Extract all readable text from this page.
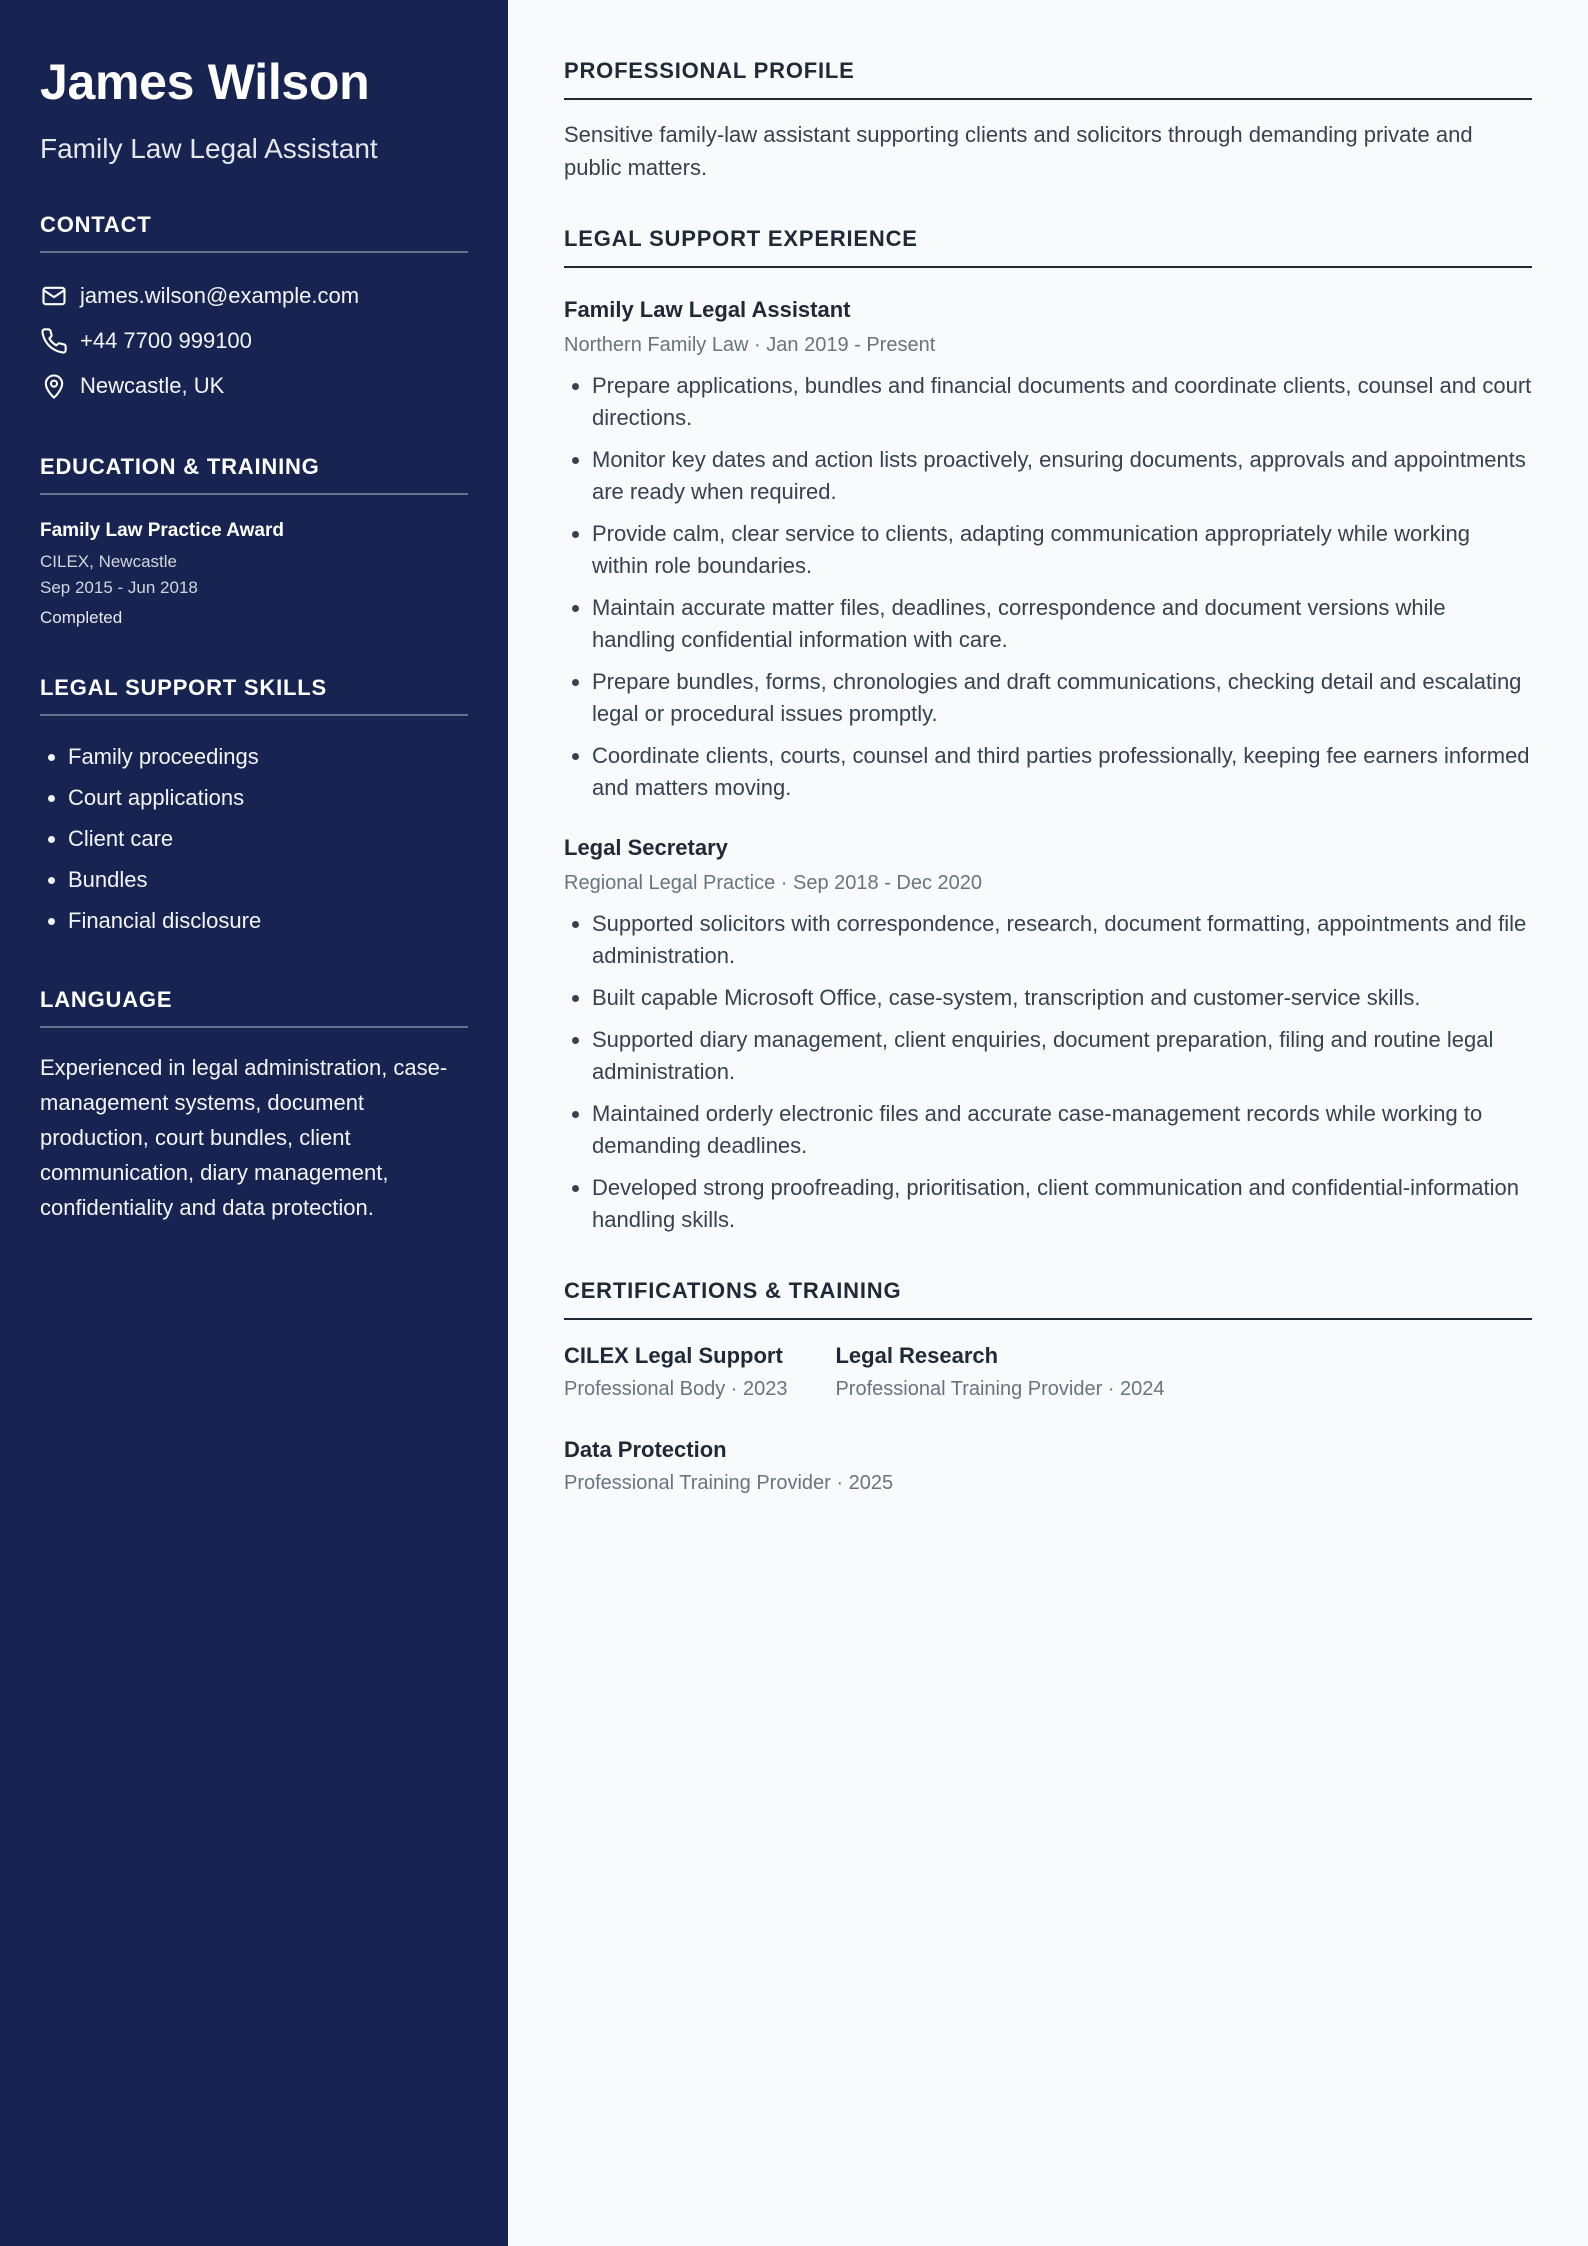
James Wilson

Family Law Legal Assistant

CONTACT
james.wilson@example.com
+44 7700 999100
Newcastle, UK
EDUCATION & TRAINING

Family Law Practice Award

CILEX, Newcastle

Sep 2015 - Jun 2018

Completed

LEGAL SUPPORT SKILLS
• Family proceedings
• Court applications
• Client care
• Bundles
• Financial disclosure
LANGUAGE

Experienced in legal administration, case-management systems, document production, court bundles, client communication, diary management, confidentiality and data protection.

PROFESSIONAL PROFILE

Sensitive family-law assistant supporting clients and solicitors through demanding private and public matters.

LEGAL SUPPORT EXPERIENCE

Family Law Legal Assistant

Northern Family Law · Jan 2019 - Present

• Prepare applications, bundles and financial documents and coordinate clients, counsel and court directions.
• Monitor key dates and action lists proactively, ensuring documents, approvals and appointments are ready when required.
• Provide calm, clear service to clients, adapting communication appropriately while working within role boundaries.
• Maintain accurate matter files, deadlines, correspondence and document versions while handling confidential information with care.
• Prepare bundles, forms, chronologies and draft communications, checking detail and escalating legal or procedural issues promptly.
• Coordinate clients, courts, counsel and third parties professionally, keeping fee earners informed and matters moving.

Legal Secretary

Regional Legal Practice · Sep 2018 - Dec 2020

• Supported solicitors with correspondence, research, document formatting, appointments and file administration.
• Built capable Microsoft Office, case-system, transcription and customer-service skills.
• Supported diary management, client enquiries, document preparation, filing and routine legal administration.
• Maintained orderly electronic files and accurate case-management records while working to demanding deadlines.
• Developed strong proofreading, prioritisation, client communication and confidential-information handling skills.
CERTIFICATIONS & TRAINING

CILEX Legal Support

Professional Body · 2023

Legal Research

Professional Training Provider · 2024

Data Protection

Professional Training Provider · 2025
